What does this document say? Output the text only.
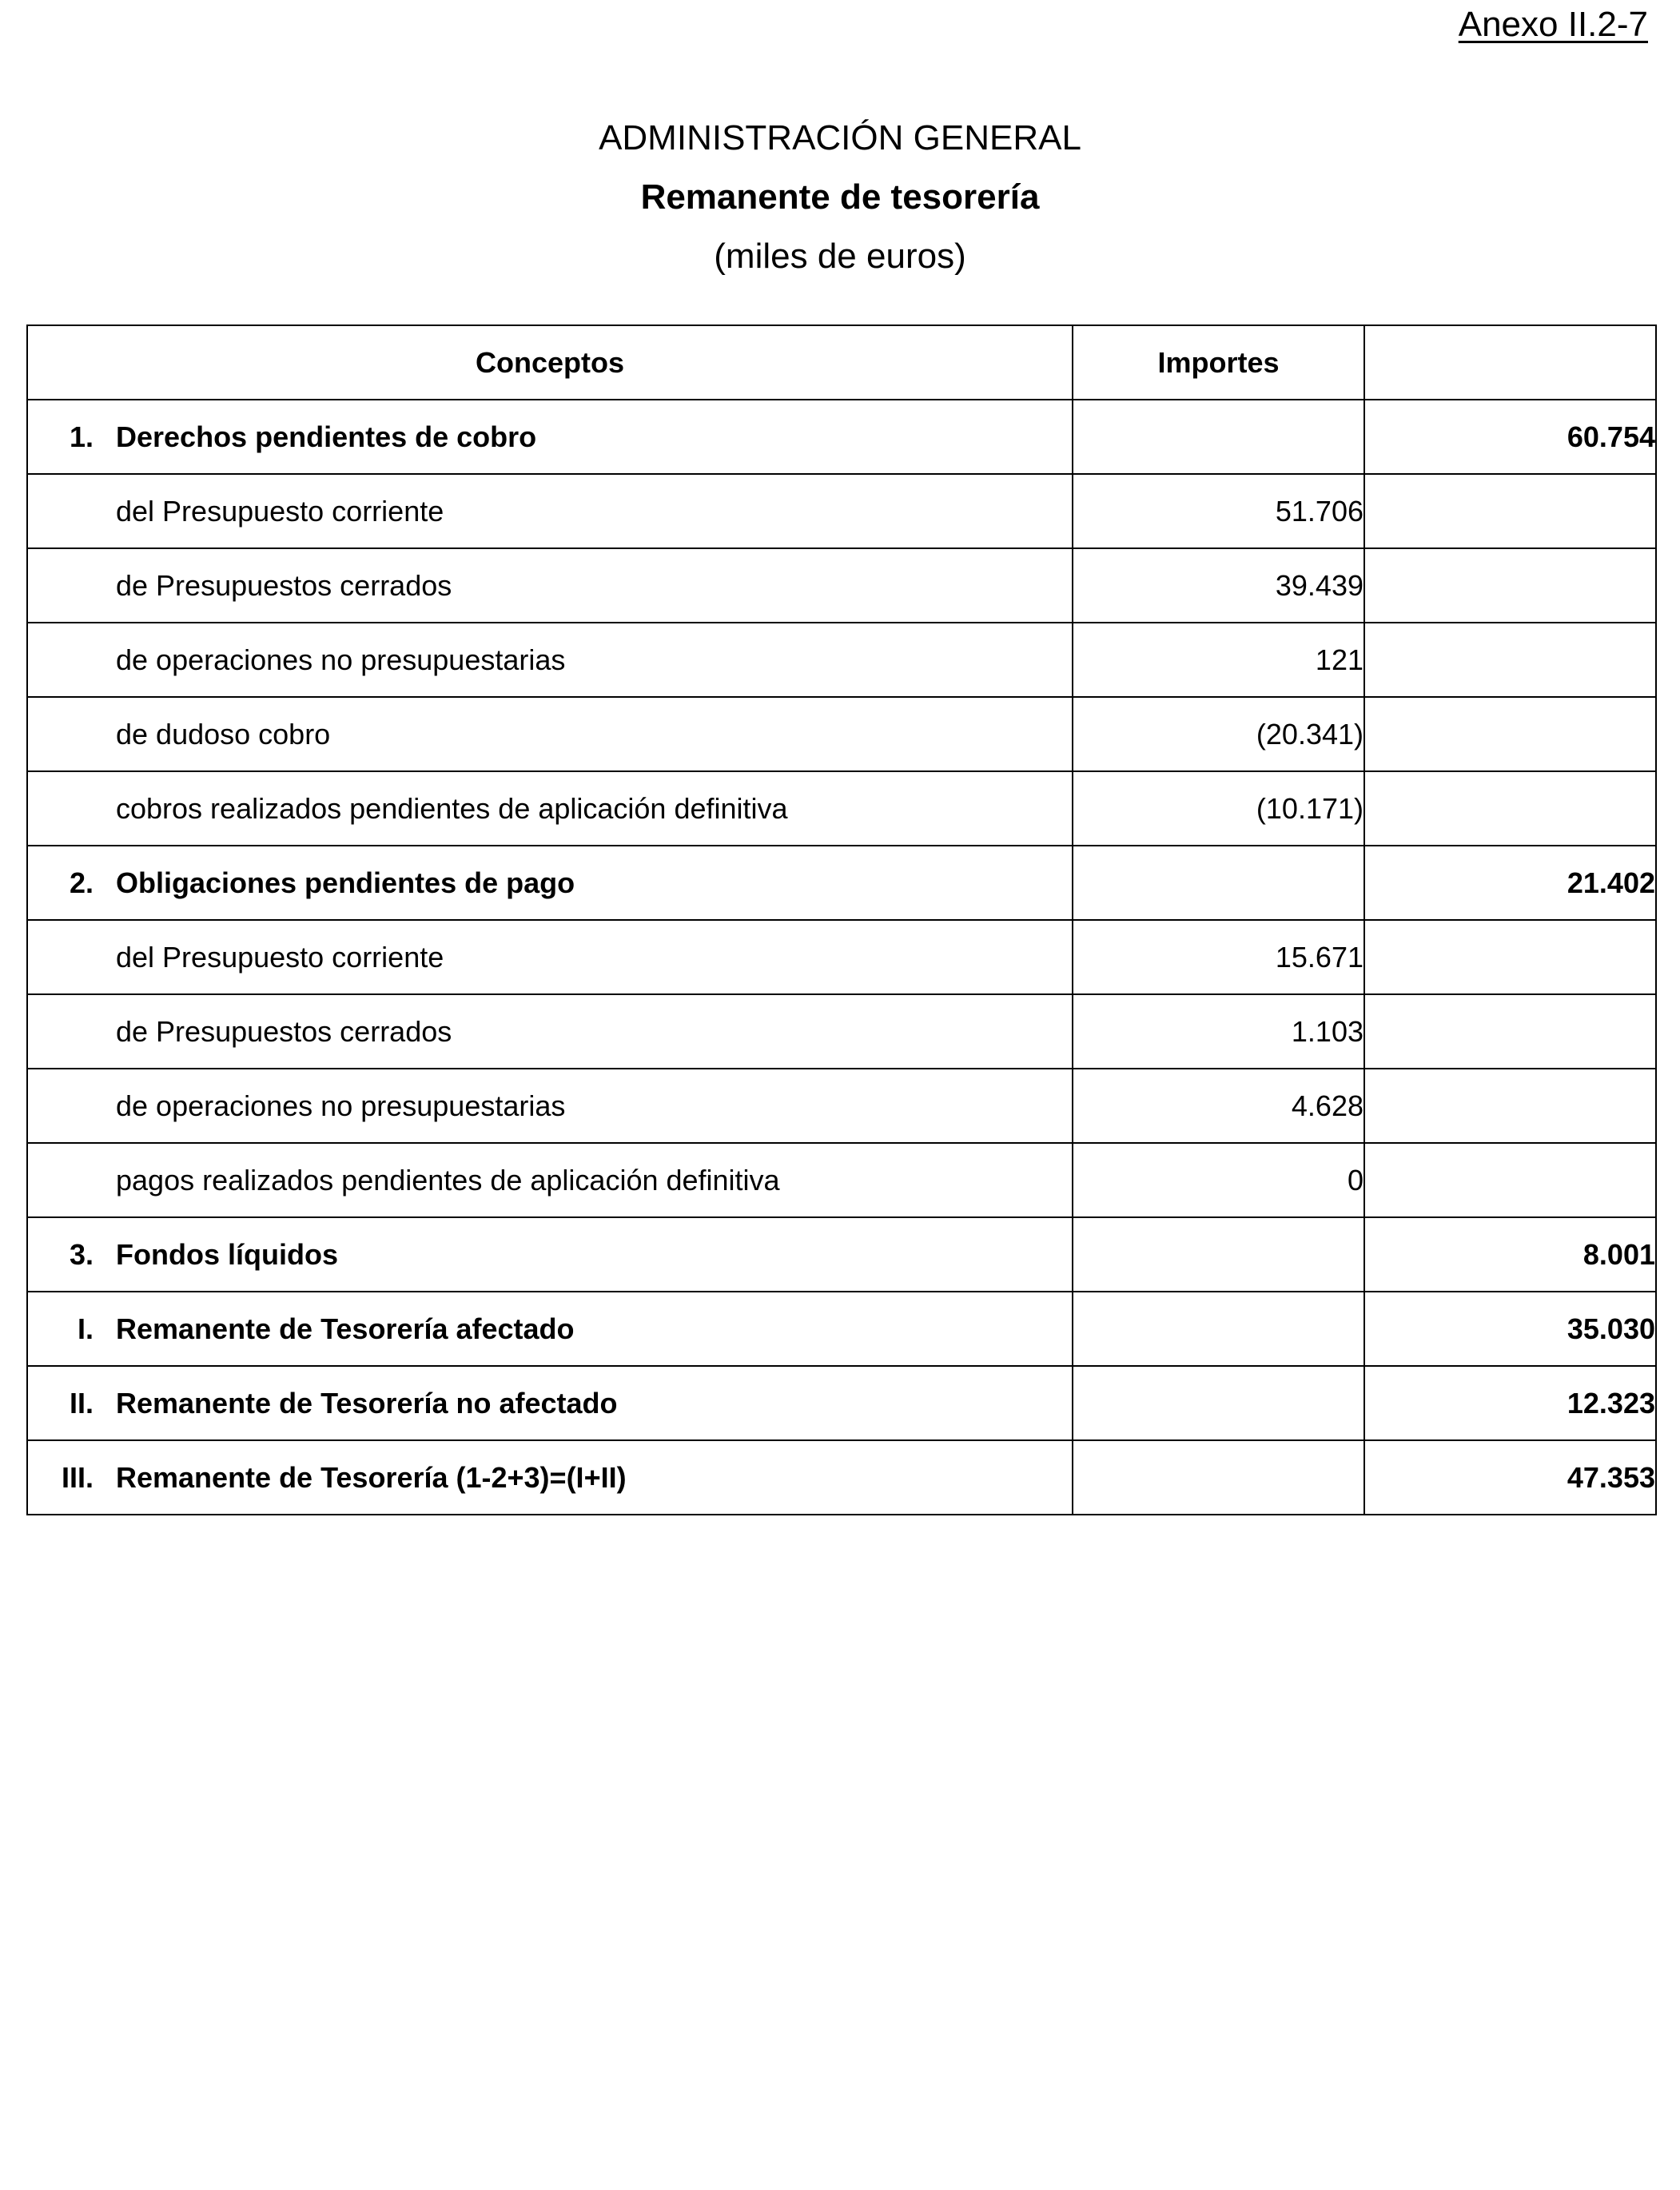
Anexo II.2-7
ADMINISTRACIÓN GENERAL
Remanente de tesorería
(miles de euros)
Conceptos	Importes	

1. Derechos pendientes de cobro		60.754

del Presupuesto corriente	51.706	

de Presupuestos cerrados	39.439	

de operaciones no presupuestarias	121	

de dudoso cobro	(20.341)	

cobros realizados pendientes de aplicación definitiva	(10.171)	

2. Obligaciones pendientes de pago		21.402

del Presupuesto corriente	15.671	

de Presupuestos cerrados	1.103	

de operaciones no presupuestarias	4.628	

pagos realizados pendientes de aplicación definitiva	0	

3. Fondos líquidos		8.001

I. Remanente de Tesorería afectado		35.030

II. Remanente de Tesorería no afectado		12.323

III. Remanente de Tesorería (1-2+3)=(I+II)		47.353
